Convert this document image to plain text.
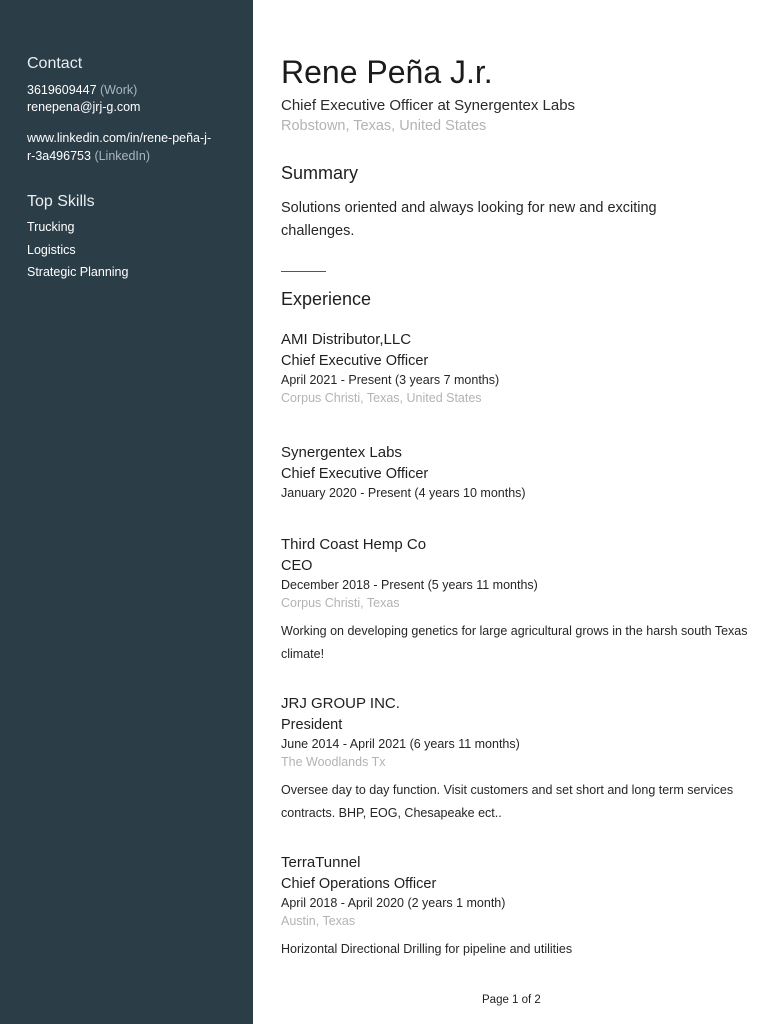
Contact
3619609447 (Work)
renepena@jrj-g.com
www.linkedin.com/in/rene-peña-j-
r-3a496753 (LinkedIn)
Top Skills
Trucking
Logistics
Strategic Planning
Rene Peña J.r.
Chief Executive Officer at Synergentex Labs
Robstown, Texas, United States
Summary
Solutions oriented and always looking for new and exciting challenges.
Experience
AMI Distributor,LLC
Chief Executive Officer
April 2021 - Present (3 years 7 months)
Corpus Christi, Texas, United States
Synergentex Labs
Chief Executive Officer
January 2020 - Present (4 years 10 months)
Third Coast Hemp Co
CEO
December 2018 - Present (5 years 11 months)
Corpus Christi, Texas
Working on developing genetics for large agricultural grows in the harsh south Texas climate!
JRJ GROUP INC.
President
June 2014 - April 2021 (6 years 11 months)
The Woodlands Tx
Oversee day to day function. Visit customers and set short and long term services contracts. BHP, EOG, Chesapeake ect..
TerraTunnel
Chief Operations Officer
April 2018 - April 2020 (2 years 1 month)
Austin, Texas
Horizontal Directional Drilling for pipeline and utilities
Page 1 of 2
